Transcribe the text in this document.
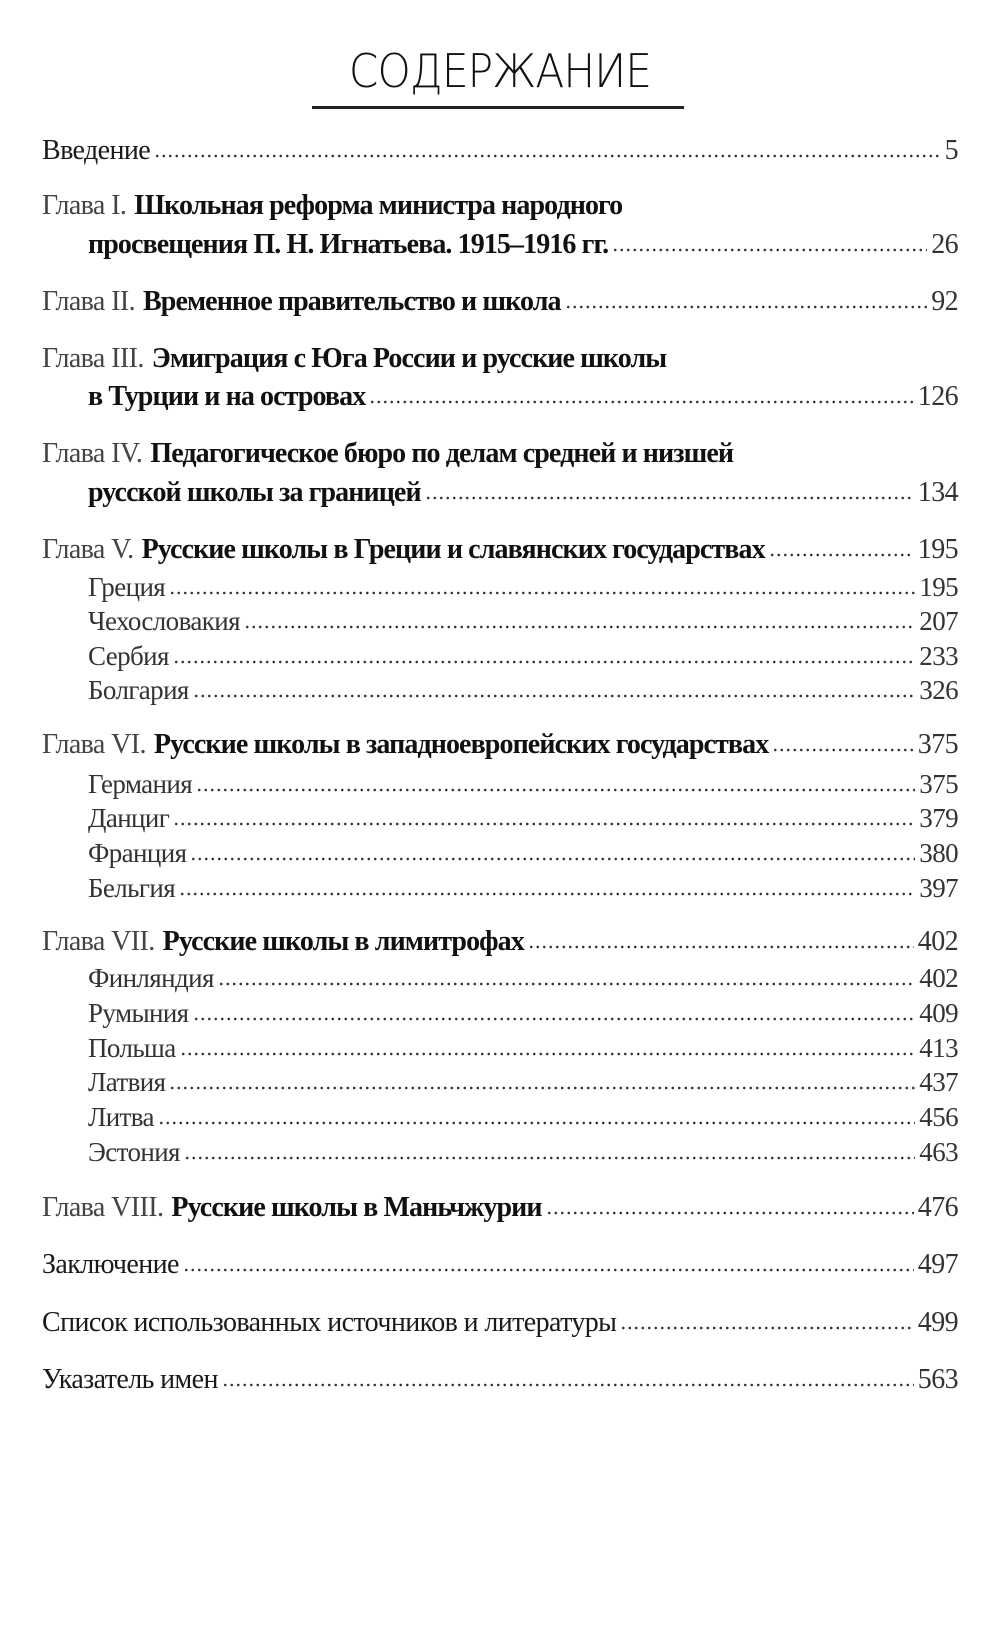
СОДЕРЖАНИЕ
Введение	5
Глава I. Школьная реформа министра народного
просвещения П. Н. Игнатьева. 1915–1916 гг.	26
Глава II. Временное правительство и школа	92
Глава III. Эмиграция с Юга России и русские школы
в Турции и на островах	126
Глава IV. Педагогическое бюро по делам средней и низшей
русской школы за границей	134
Глава V. Русские школы в Греции и славянских государствах	195
Греция	195
Чехословакия	207
Сербия	233
Болгария	326
Глава VI. Русские школы в западноевропейских государствах	375
Германия	375
Данциг	379
Франция	380
Бельгия	397
Глава VII. Русские школы в лимитрофах	402
Финляндия	402
Румыния	409
Польша	413
Латвия	437
Литва	456
Эстония	463
Глава VIII. Русские школы в Маньчжурии	476
Заключение	497
Список использованных источников и литературы	499
Указатель имен	563
